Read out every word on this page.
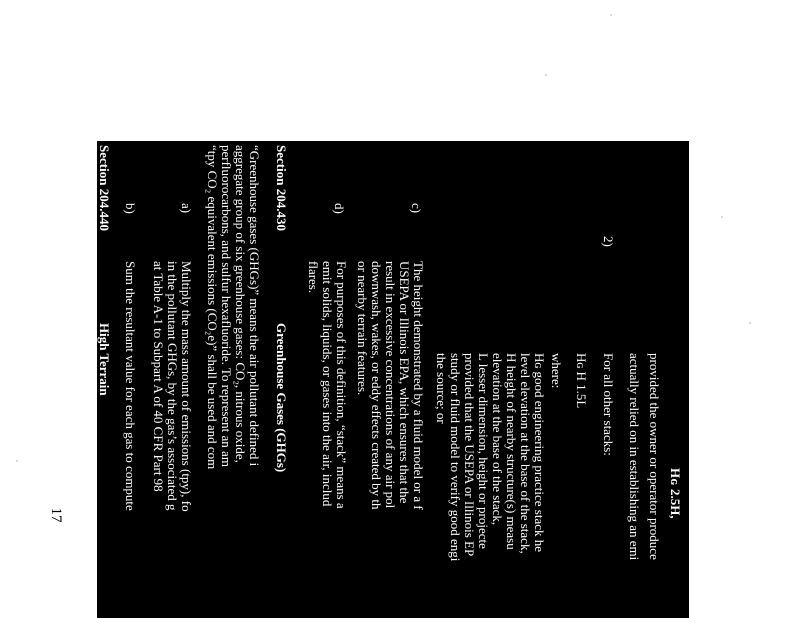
17	Hɢ 2.5H,
provided the owner or operator produce
actually relied on in establishing an emi
2)
For all other stacks:
Hɢ H 1.5L
where:
Hɢ good engineering practice stack he
level elevation at the base of the stack,
H height of nearby structure(s) measu
elevation at the base of the stack,
L lesser dimension, height or projecte
provided that the USEPA or Illinois EP
study or fluid model to verify good engi
the source; or
c)
The height demonstrated by a fluid model or a f
USEPA or Illinois EPA, which ensures that the
result in excessive concentrations of any air pol
downwash, wakes, or eddy effects created by th
or nearby terrain features.
d)
For purposes of this definition, “stack” means a
emit solids, liquids, or gases into the air, includ
flares.
Section 204.430
Greenhouse Gases (GHGs)
“Greenhouse gases (GHGs)” means the air pollutant defined i
aggregate group of six greenhouse gases: CO₂, nitrous oxide,
perfluorocarbons, and sulfur hexafluoride. To represent an am
“tpy CO₂ equivalent emissions (CO₂e)” shall be used and com
a)
Multiply the mass amount of emissions (tpy), fo
in the pollutant GHGs, by the gas’s associated g
at Table A-1 to Subpart A of 40 CFR Part 98
b)
Sum the resultant value for each gas to compute
Section 204.440
High Terrain
